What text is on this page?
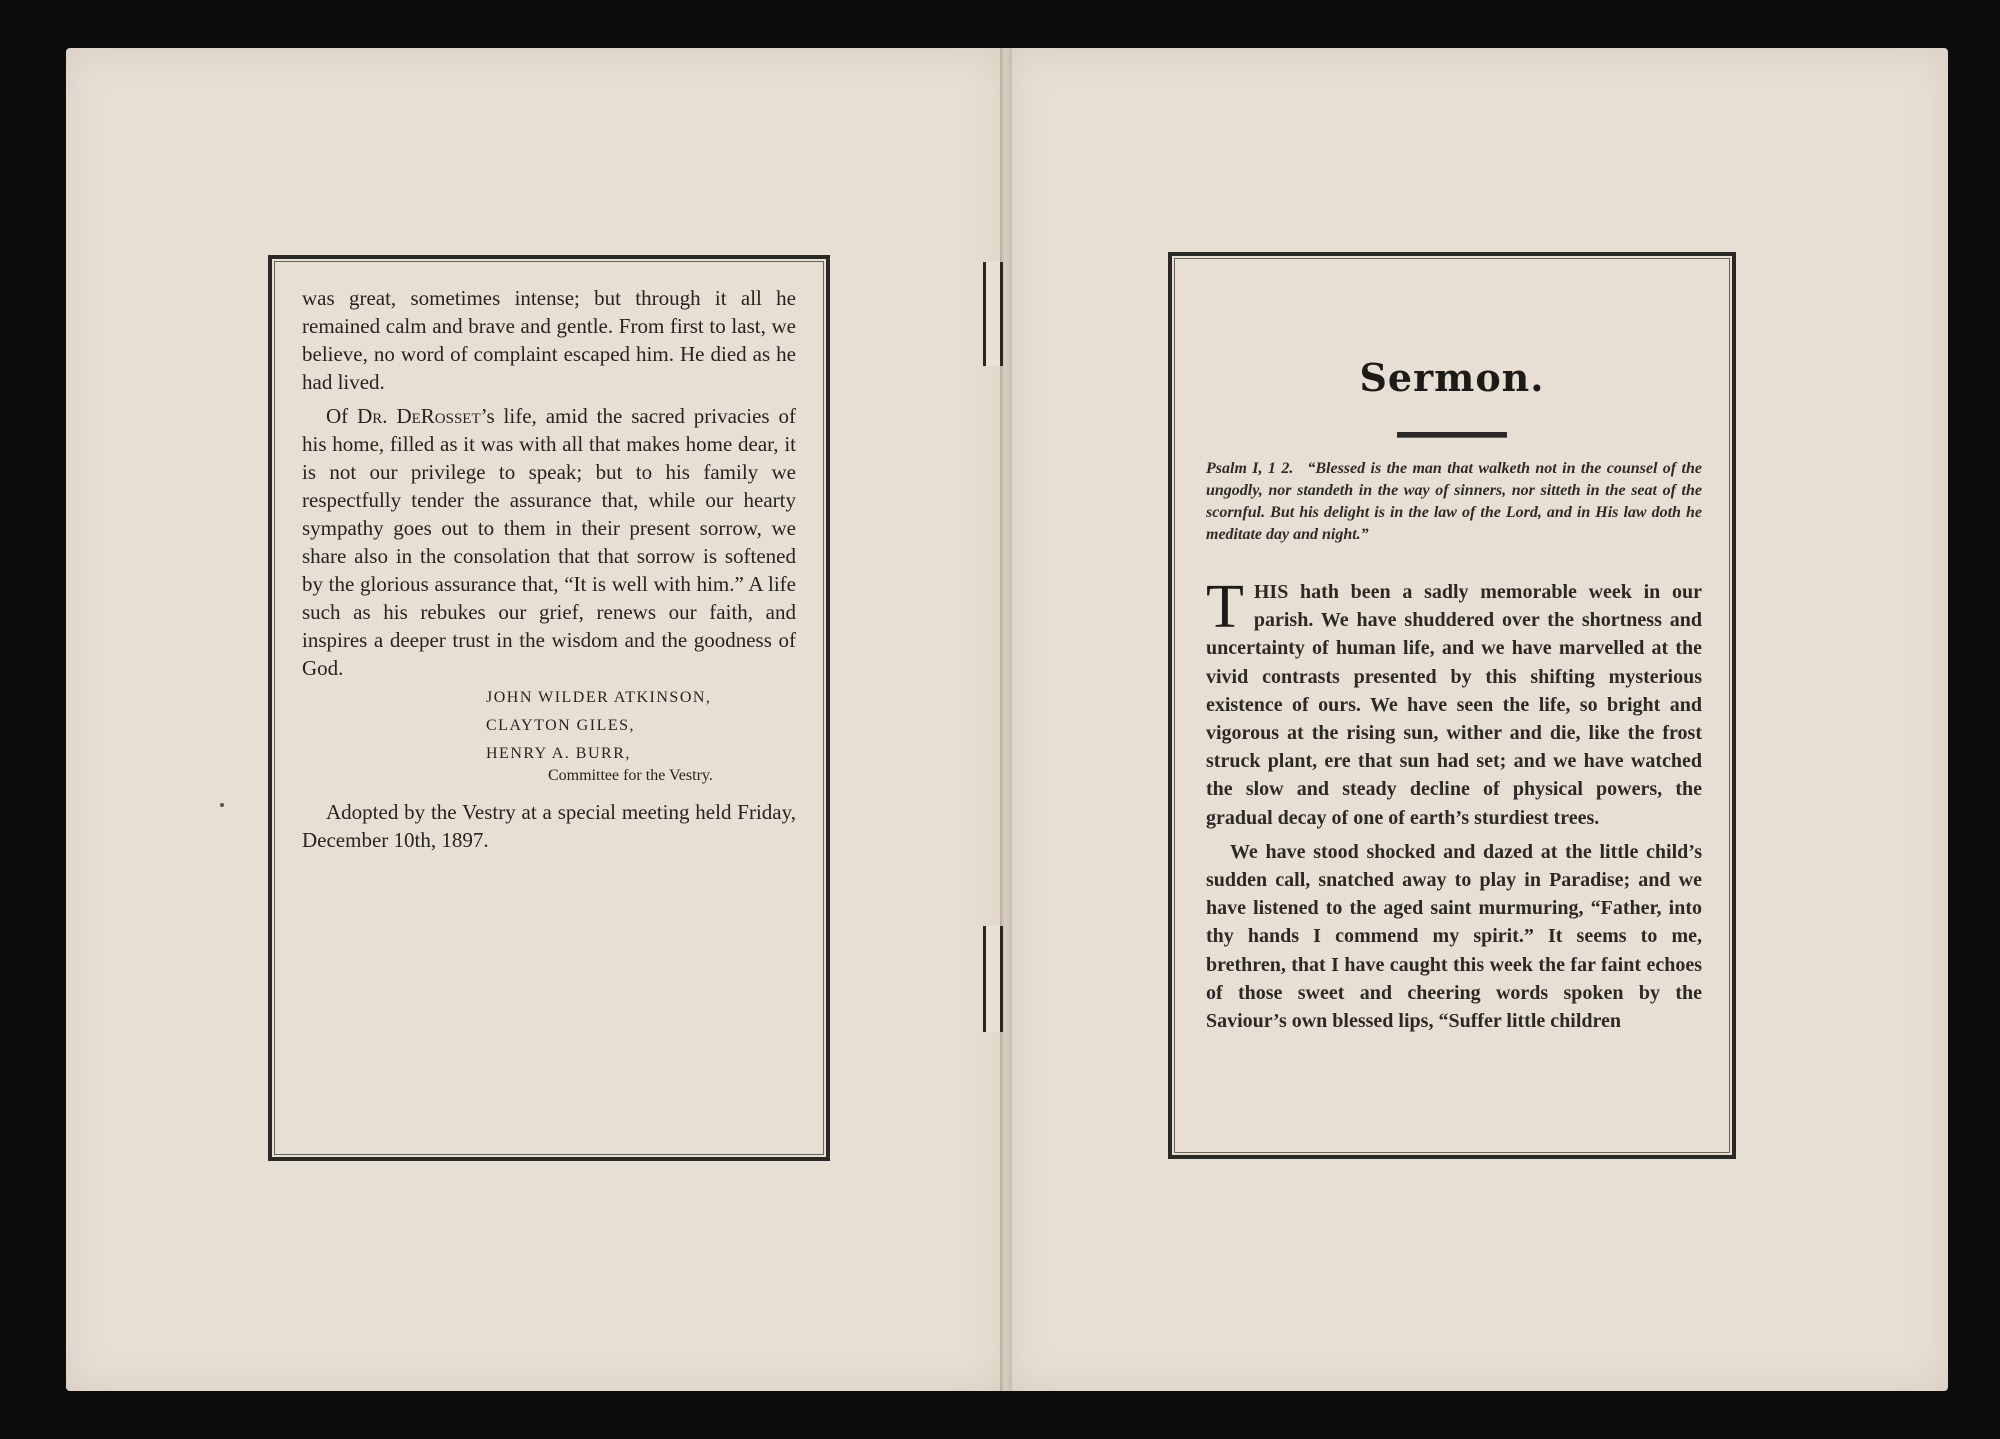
was great, sometimes intense; but through it all he remained calm and brave and gentle. From first to last, we believe, no word of complaint escaped him. He died as he had lived.

Of Dr. DeRosset’s life, amid the sacred privacies of his home, filled as it was with all that makes home dear, it is not our privilege to speak; but to his family we respectfully tender the assurance that, while our hearty sympathy goes out to them in their present sorrow, we share also in the consolation that that sorrow is softened by the glorious assurance that, “It is well with him.” A life such as his rebukes our grief, renews our faith, and inspires a deeper trust in the wisdom and the goodness of God.

JOHN WILDER ATKINSON,
CLAYTON GILES,
HENRY A. BURR,
Committee for the Vestry.

Adopted by the Vestry at a special meeting held Friday, December 10th, 1897.

Sermon.
Psalm I, 1 2. “Blessed is the man that walketh not in the counsel of the ungodly, nor standeth in the way of sinners, nor sitteth in the seat of the scornful. But his delight is in the law of the Lord, and in His law doth he meditate day and night.”

THIS hath been a sadly memorable week in our parish. We have shuddered over the shortness and uncertainty of human life, and we have marvelled at the vivid contrasts presented by this shifting mysterious existence of ours. We have seen the life, so bright and vigorous at the rising sun, wither and die, like the frost struck plant, ere that sun had set; and we have watched the slow and steady decline of physical powers, the gradual decay of one of earth’s sturdiest trees.

We have stood shocked and dazed at the little child’s sudden call, snatched away to play in Paradise; and we have listened to the aged saint murmuring, “Father, into thy hands I commend my spirit.” It seems to me, brethren, that I have caught this week the far faint echoes of those sweet and cheering words spoken by the Saviour’s own blessed lips, “Suffer little children
